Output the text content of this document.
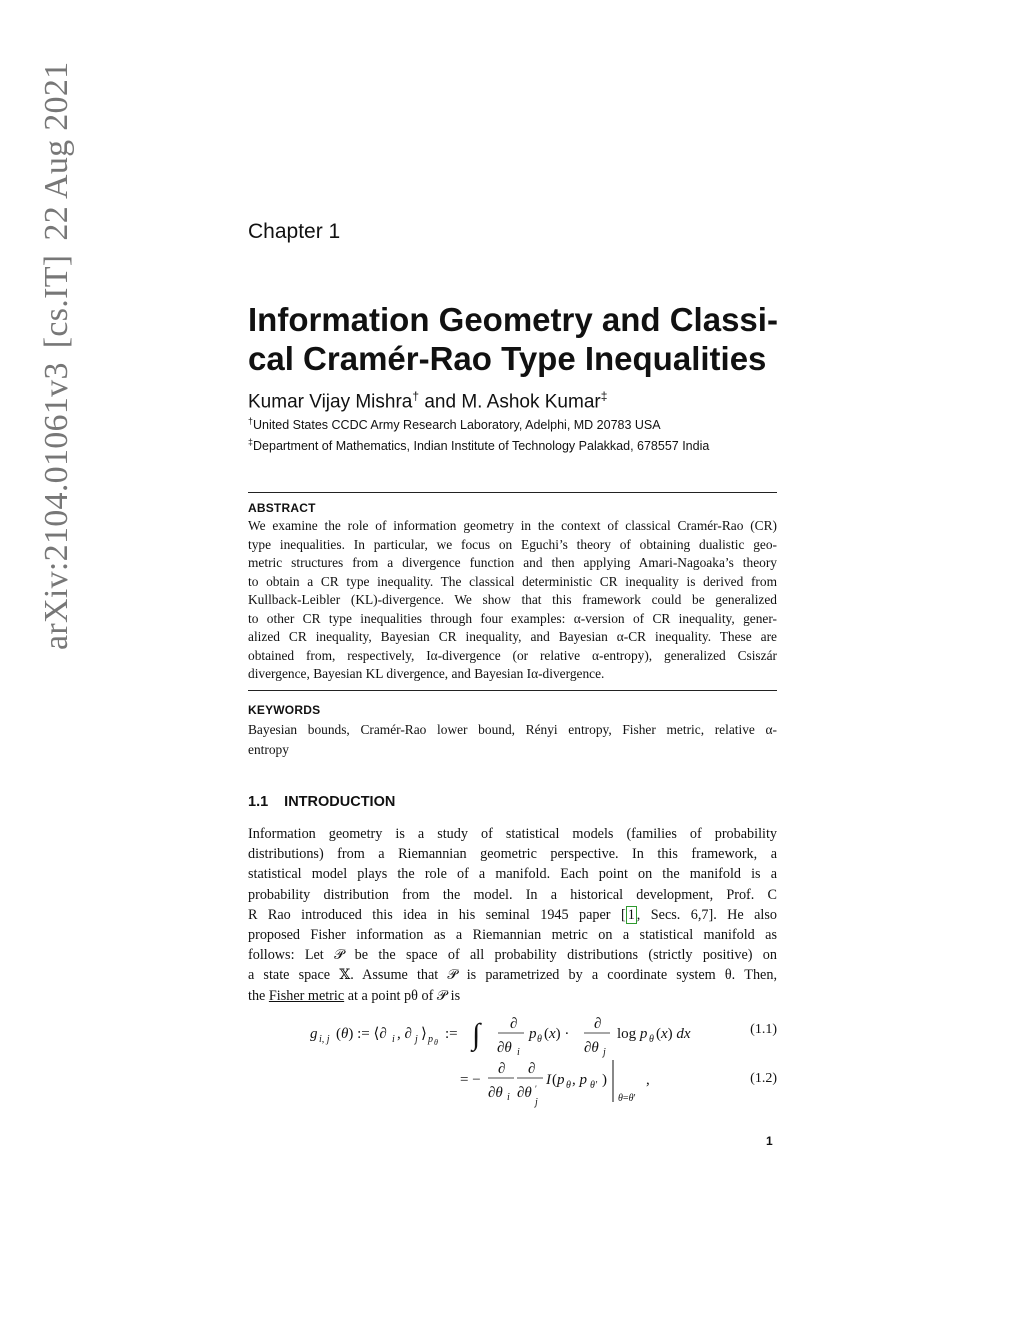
arXiv:2104.01061v3[cs.IT]22 Aug 2021	Chapter 1
Information Geometry and Classi-
cal Cramér-Rao Type Inequalities
Kumar Vijay Mishra† and M. Ashok Kumar‡
†United States CCDC Army Research Laboratory, Adelphi, MD 20783 USA
‡Department of Mathematics, Indian Institute of Technology Palakkad, 678557 India
ABSTRACT
We examine the role of information geometry in the context of classical Cramér-Rao (CR)
type inequalities. In particular, we focus on Eguchi’s theory of obtaining dualistic geo-
metric structures from a divergence function and then applying Amari-Nagoaka’s theory
to obtain a CR type inequality. The classical deterministic CR inequality is derived from
Kullback-Leibler (KL)-divergence. We show that this framework could be generalized
to other CR type inequalities through four examples: α-version of CR inequality, gener-
alized CR inequality, Bayesian CR inequality, and Bayesian α-CR inequality. These are
obtained from, respectively, Iα-divergence (or relative α-entropy), generalized Csiszár
divergence, Bayesian KL divergence, and Bayesian Iα-divergence.
KEYWORDS
Bayesian bounds, Cramér-Rao lower bound, Rényi entropy, Fisher metric, relative α-
entropy
1.1 INTRODUCTION
Information geometry is a study of statistical models (families of probability
distributions) from a Riemannian geometric perspective. In this framework, a
statistical model plays the role of a manifold. Each point on the manifold is a
probability distribution from the model. In a historical development, Prof. C
R Rao introduced this idea in his seminal 1945 paper [ 1 , Secs. 6,7]. He also
proposed Fisher information as a Riemannian metric on a statistical manifold as
follows: Let 𝒫 be the space of all probability distributions (strictly positive) on
a state space 𝕏. Assume that 𝒫 is parametrized by a coordinate system θ. Then,
the Fisher metric at a point pθ of 𝒫 is
g i, j (θ) := ⟨∂ i , ∂ j ⟩ p θ
:= ∫ ∂
∂θ i
p θ (x) ·
∂
∂θ j
log p θ (x) dx	(1.1)
= −
∂
∂θ i
∂
∂θ ′
j
I (p θ , p θ′ )
θ=θ′
,	(1.2)
1
